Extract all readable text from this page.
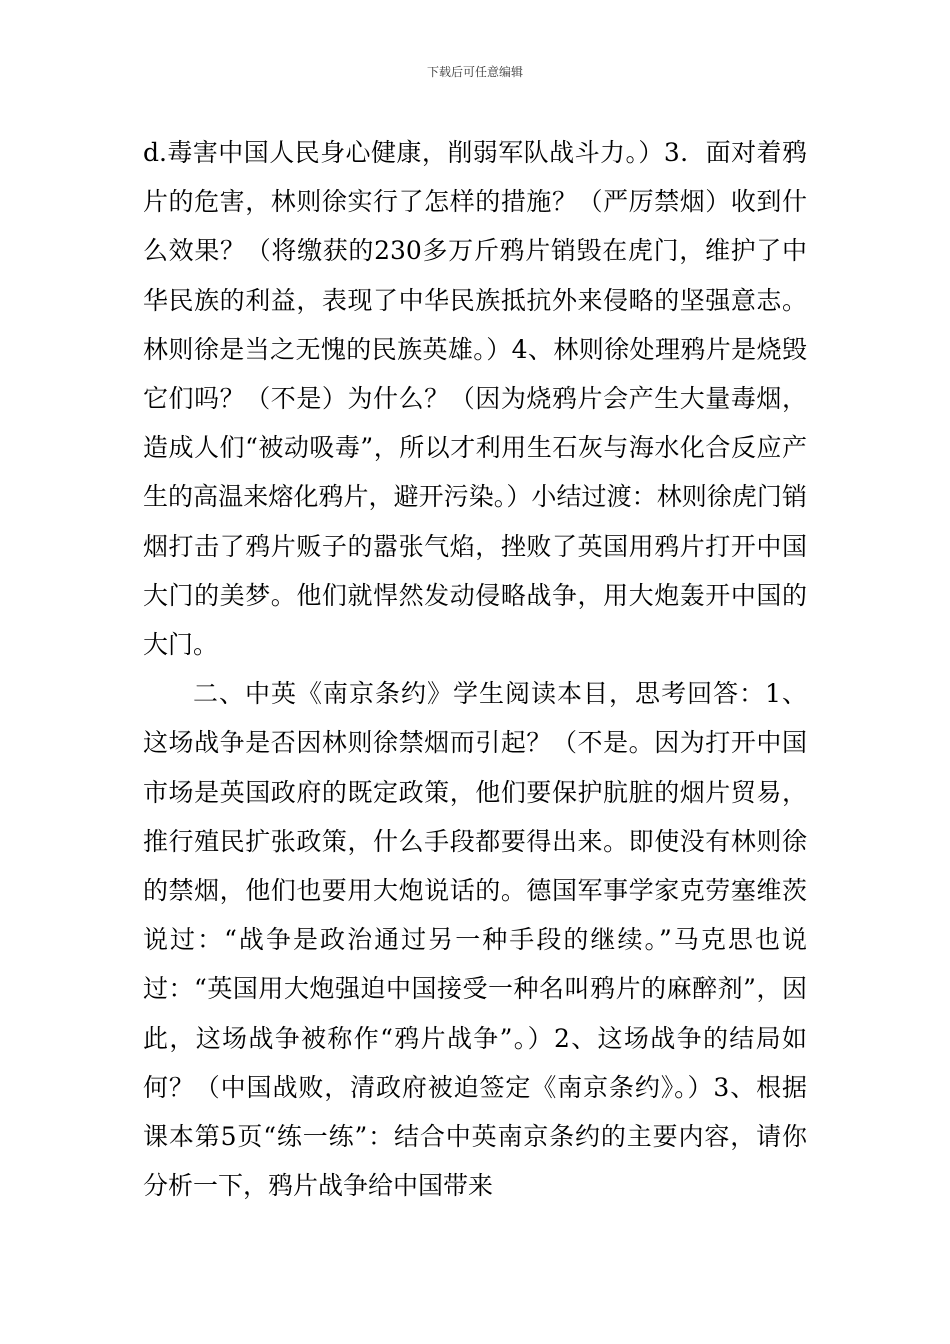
下载后可任意编辑

d.毒害中国人民身心健康，削弱军队战斗力。）3．面对着鸦片的危害，林则徐实行了怎样的措施？（严厉禁烟）收到什么效果？（将缴获的230多万斤鸦片销毁在虎门，维护了中华民族的利益，表现了中华民族抵抗外来侵略的坚强意志。林则徐是当之无愧的民族英雄。）4、林则徐处理鸦片是烧毁它们吗？（不是）为什么？（因为烧鸦片会产生大量毒烟，造成人们“被动吸毒”，所以才利用生石灰与海水化合反应产生的高温来熔化鸦片，避开污染。）小结过渡：林则徐虎门销烟打击了鸦片贩子的嚣张气焰，挫败了英国用鸦片打开中国大门的美梦。他们就悍然发动侵略战争，用大炮轰开中国的大门。

二、中英《南京条约》学生阅读本目，思考回答：1、这场战争是否因林则徐禁烟而引起？（不是。因为打开中国市场是英国政府的既定政策，他们要保护肮脏的烟片贸易，推行殖民扩张政策，什么手段都要得出来。即使没有林则徐的禁烟，他们也要用大炮说话的。德国军事学家克劳塞维茨说过：“战争是政治通过另一种手段的继续。”马克思也说过：“英国用大炮强迫中国接受一种名叫鸦片的麻醉剂”，因此，这场战争被称作“鸦片战争”。）2、这场战争的结局如何？（中国战败，清政府被迫签定《南京条约》。）3、根据课本第5页“练一练”：结合中英南京条约的主要内容，请你分析一下，鸦片战争给中国带来
